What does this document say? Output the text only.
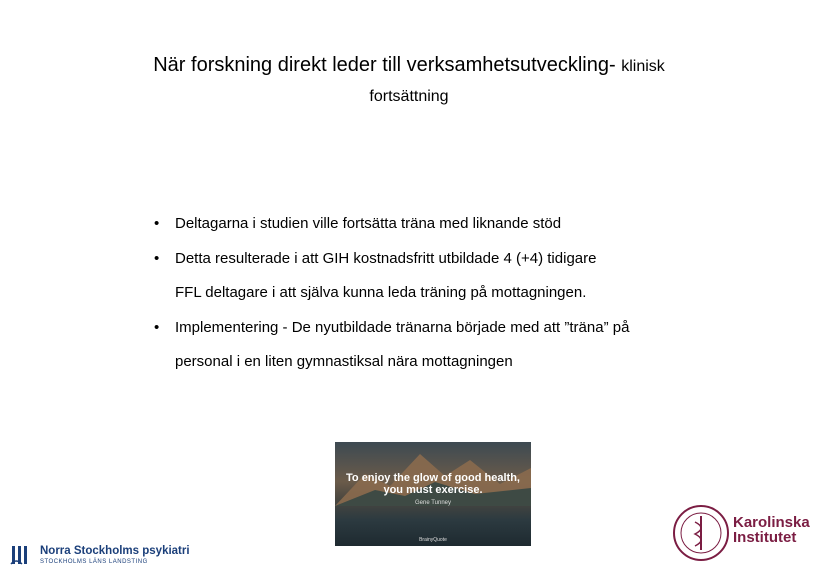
När forskning direkt leder till verksamhetsutveckling- klinisk
fortsättning
• Deltagarna i studien ville fortsätta träna med liknande stöd
• Detta resulterade i att GIH kostnadsfritt utbildade 4 (+4) tidigare FFL deltagare i att själva kunna leda träning på mottagningen.
• Implementering - De nyutbildade tränarna började med att ”träna” på personal i en liten gymnastiksal nära mottagningen
To enjoy the glow of good health, you must exercise.
Gene Tunney
BrainyQuote
Norra Stockholms psykiatri
STOCKHOLMS LÄNS LANDSTING
Karolinska
Institutet
